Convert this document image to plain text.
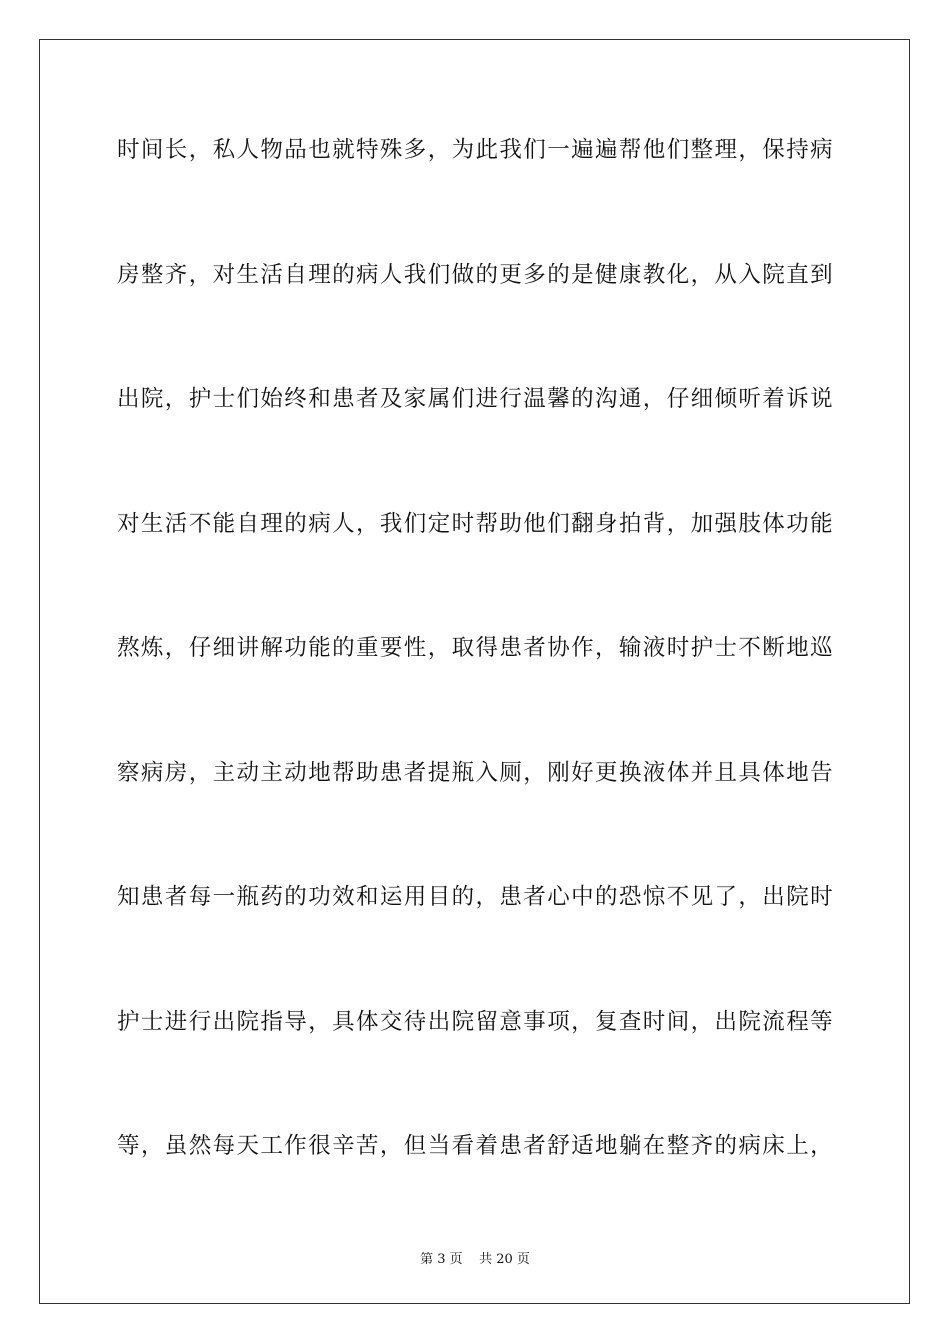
时间长，私人物品也就特殊多，为此我们一遍遍帮他们整理，保持病
房整齐，对生活自理的病人我们做的更多的是健康教化，从入院直到
出院，护士们始终和患者及家属们进行温馨的沟通，仔细倾听着诉说
对生活不能自理的病人，我们定时帮助他们翻身拍背，加强肢体功能
熬炼，仔细讲解功能的重要性，取得患者协作，输液时护士不断地巡
察病房，主动主动地帮助患者提瓶入厕，刚好更换液体并且具体地告
知患者每一瓶药的功效和运用目的，患者心中的恐惊不见了，出院时
护士进行出院指导，具体交待出院留意事项，复查时间，出院流程等
等，虽然每天工作很辛苦，但当看着患者舒适地躺在整齐的病床上，
第 3 页    共 20 页
